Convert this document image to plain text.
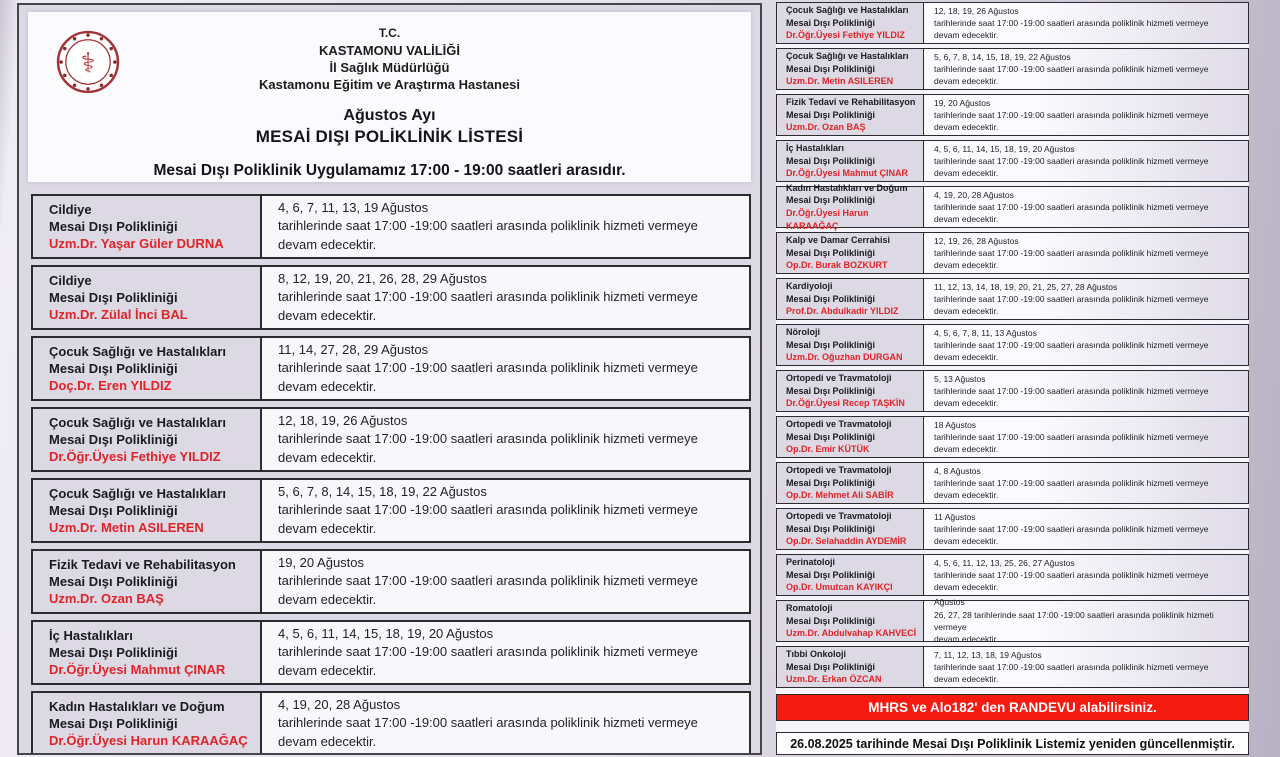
⚕
T.C.
KASTAMONU VALİLİĞİ
İl Sağlık Müdürlüğü
Kastamonu Eğitim ve Araştırma Hastanesi
Ağustos Ayı
MESAİ DIŞI POLİKLİNİK LİSTESİ
Mesai Dışı Poliklinik Uygulamamız 17:00 - 19:00 saatleri arasıdır.
Cildiye
Mesai Dışı Polikliniği
Uzm.Dr. Yaşar Güler DURNA
4, 6, 7, 11, 13, 19 Ağustos
tarihlerinde saat 17:00 -19:00 saatleri arasında poliklinik hizmeti vermeye
devam edecektir.
Cildiye
Mesai Dışı Polikliniği
Uzm.Dr. Zülal İnci BAL
8, 12, 19, 20, 21, 26, 28, 29 Ağustos
tarihlerinde saat 17:00 -19:00 saatleri arasında poliklinik hizmeti vermeye
devam edecektir.
Çocuk Sağlığı ve Hastalıkları
Mesai Dışı Polikliniği
Doç.Dr. Eren YILDIZ
11, 14, 27, 28, 29 Ağustos
tarihlerinde saat 17:00 -19:00 saatleri arasında poliklinik hizmeti vermeye
devam edecektir.
Çocuk Sağlığı ve Hastalıkları
Mesai Dışı Polikliniği
Dr.Öğr.Üyesi Fethiye YILDIZ
12, 18, 19, 26 Ağustos
tarihlerinde saat 17:00 -19:00 saatleri arasında poliklinik hizmeti vermeye
devam edecektir.
Çocuk Sağlığı ve Hastalıkları
Mesai Dışı Polikliniği
Uzm.Dr. Metin ASILEREN
5, 6, 7, 8, 14, 15, 18, 19, 22 Ağustos
tarihlerinde saat 17:00 -19:00 saatleri arasında poliklinik hizmeti vermeye
devam edecektir.
Fizik Tedavi ve Rehabilitasyon
Mesai Dışı Polikliniği
Uzm.Dr. Ozan BAŞ
19, 20 Ağustos
tarihlerinde saat 17:00 -19:00 saatleri arasında poliklinik hizmeti vermeye
devam edecektir.
İç Hastalıkları
Mesai Dışı Polikliniği
Dr.Öğr.Üyesi Mahmut ÇINAR
4, 5, 6, 11, 14, 15, 18, 19, 20 Ağustos
tarihlerinde saat 17:00 -19:00 saatleri arasında poliklinik hizmeti vermeye
devam edecektir.
Kadın Hastalıkları ve Doğum
Mesai Dışı Polikliniği
Dr.Öğr.Üyesi Harun KARAAĞAÇ
4, 19, 20, 28 Ağustos
tarihlerinde saat 17:00 -19:00 saatleri arasında poliklinik hizmeti vermeye
devam edecektir.
Çocuk Sağlığı ve Hastalıkları
Mesai Dışı Polikliniği
Dr.Öğr.Üyesi Fethiye YILDIZ
12, 18, 19, 26 Ağustos
tarihlerinde saat 17:00 -19:00 saatleri arasında poliklinik hizmeti vermeye
devam edecektir.
Çocuk Sağlığı ve Hastalıkları
Mesai Dışı Polikliniği
Uzm.Dr. Metin ASILEREN
5, 6, 7, 8, 14, 15, 18, 19, 22 Ağustos
tarihlerinde saat 17:00 -19:00 saatleri arasında poliklinik hizmeti vermeye
devam edecektir.
Fizik Tedavi ve Rehabilitasyon
Mesai Dışı Polikliniği
Uzm.Dr. Ozan BAŞ
19, 20 Ağustos
tarihlerinde saat 17:00 -19:00 saatleri arasında poliklinik hizmeti vermeye
devam edecektir.
İç Hastalıkları
Mesai Dışı Polikliniği
Dr.Öğr.Üyesi Mahmut ÇINAR
4, 5, 6, 11, 14, 15, 18, 19, 20 Ağustos
tarihlerinde saat 17:00 -19:00 saatleri arasında poliklinik hizmeti vermeye
devam edecektir.
Kadın Hastalıkları ve Doğum
Mesai Dışı Polikliniği
Dr.Öğr.Üyesi Harun KARAAĞAÇ
4, 19, 20, 28 Ağustos
tarihlerinde saat 17:00 -19:00 saatleri arasında poliklinik hizmeti vermeye
devam edecektir.
Kalp ve Damar Cerrahisi
Mesai Dışı Polikliniği
Op.Dr. Burak BOZKURT
12, 19, 26, 28 Ağustos
tarihlerinde saat 17:00 -19:00 saatleri arasında poliklinik hizmeti vermeye
devam edecektir.
Kardiyoloji
Mesai Dışı Polikliniği
Prof.Dr. Abdulkadir YILDIZ
11, 12, 13, 14, 18, 19, 20, 21, 25, 27, 28 Ağustos
tarihlerinde saat 17:00 -19:00 saatleri arasında poliklinik hizmeti vermeye
devam edecektir.
Nöroloji
Mesai Dışı Polikliniği
Uzm.Dr. Oğuzhan DURGAN
4, 5, 6, 7, 8, 11, 13 Ağustos
tarihlerinde saat 17:00 -19:00 saatleri arasında poliklinik hizmeti vermeye
devam edecektir.
Ortopedi ve Travmatoloji
Mesai Dışı Polikliniği
Dr.Öğr.Üyesi Recep TAŞKİN
5, 13 Ağustos
tarihlerinde saat 17:00 -19:00 saatleri arasında poliklinik hizmeti vermeye
devam edecektir.
Ortopedi ve Travmatoloji
Mesai Dışı Polikliniği
Op.Dr. Emir KÜTÜK
18 Ağustos
tarihlerinde saat 17:00 -19:00 saatleri arasında poliklinik hizmeti vermeye
devam edecektir.
Ortopedi ve Travmatoloji
Mesai Dışı Polikliniği
Op.Dr. Mehmet Ali SABİR
4, 8 Ağustos
tarihlerinde saat 17:00 -19:00 saatleri arasında poliklinik hizmeti vermeye
devam edecektir.
Ortopedi ve Travmatoloji
Mesai Dışı Polikliniği
Op.Dr. Selahaddin AYDEMİR
11 Ağustos
tarihlerinde saat 17:00 -19:00 saatleri arasında poliklinik hizmeti vermeye
devam edecektir.
Perinatoloji
Mesai Dışı Polikliniği
Op.Dr. Umutcan KAYIKÇI
4, 5, 6, 11, 12, 13, 25, 26, 27 Ağustos
tarihlerinde saat 17:00 -19:00 saatleri arasında poliklinik hizmeti vermeye
devam edecektir.
Romatoloji
Mesai Dışı Polikliniği
Uzm.Dr. Abdulvahap KAHVECİ
Ağustos
26, 27, 28 tarihlerinde saat 17:00 -19:00 saatleri arasında poliklinik hizmeti vermeye
devam edecektir.
Tıbbi Onkoloji
Mesai Dışı Polikliniği
Uzm.Dr. Erkan ÖZCAN
7, 11, 12, 13, 18, 19 Ağustos
tarihlerinde saat 17:00 -19:00 saatleri arasında poliklinik hizmeti vermeye
devam edecektir.
MHRS ve Alo182' den RANDEVU alabilirsiniz.
26.08.2025 tarihinde Mesai Dışı Poliklinik Listemiz yeniden güncellenmiştir.
